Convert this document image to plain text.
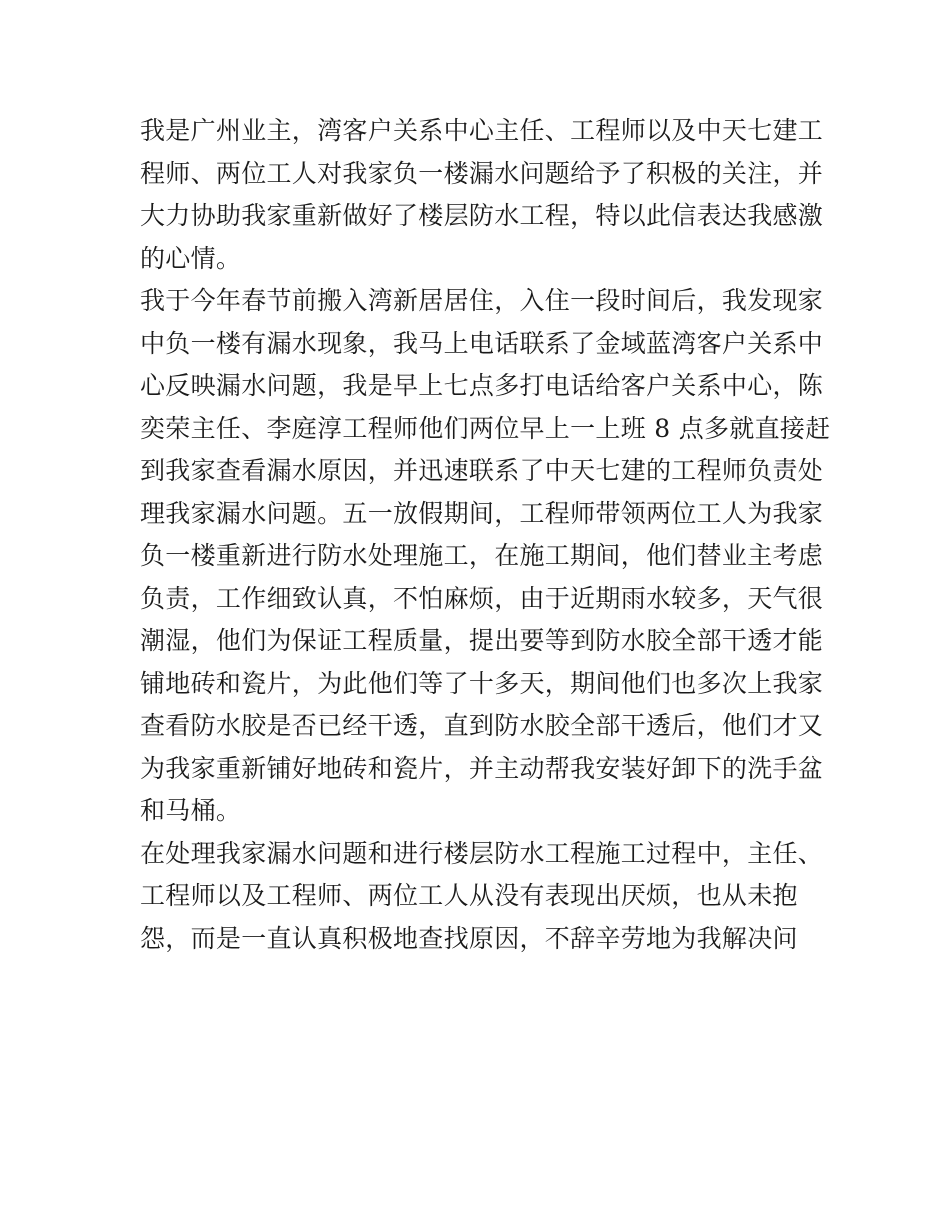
我是广州业主，湾客户关系中心主任、工程师以及中天七建工
程师、两位工人对我家负一楼漏水问题给予了积极的关注，并
大力协助我家重新做好了楼层防水工程，特以此信表达我感激
的心情。

我于今年春节前搬入湾新居居住，入住一段时间后，我发现家
中负一楼有漏水现象，我马上电话联系了金域蓝湾客户关系中
心反映漏水问题，我是早上七点多打电话给客户关系中心，陈
奕荣主任、李庭淳工程师他们两位早上一上班 8 点多就直接赶
到我家查看漏水原因，并迅速联系了中天七建的工程师负责处
理我家漏水问题。五一放假期间，工程师带领两位工人为我家
负一楼重新进行防水处理施工，在施工期间，他们替业主考虑
负责，工作细致认真，不怕麻烦，由于近期雨水较多，天气很
潮湿，他们为保证工程质量，提出要等到防水胶全部干透才能
铺地砖和瓷片，为此他们等了十多天，期间他们也多次上我家
查看防水胶是否已经干透，直到防水胶全部干透后，他们才又
为我家重新铺好地砖和瓷片，并主动帮我安装好卸下的洗手盆
和马桶。

在处理我家漏水问题和进行楼层防水工程施工过程中，主任、
工程师以及工程师、两位工人从没有表现出厌烦，也从未抱
怨，而是一直认真积极地查找原因，不辞辛劳地为我解决问
